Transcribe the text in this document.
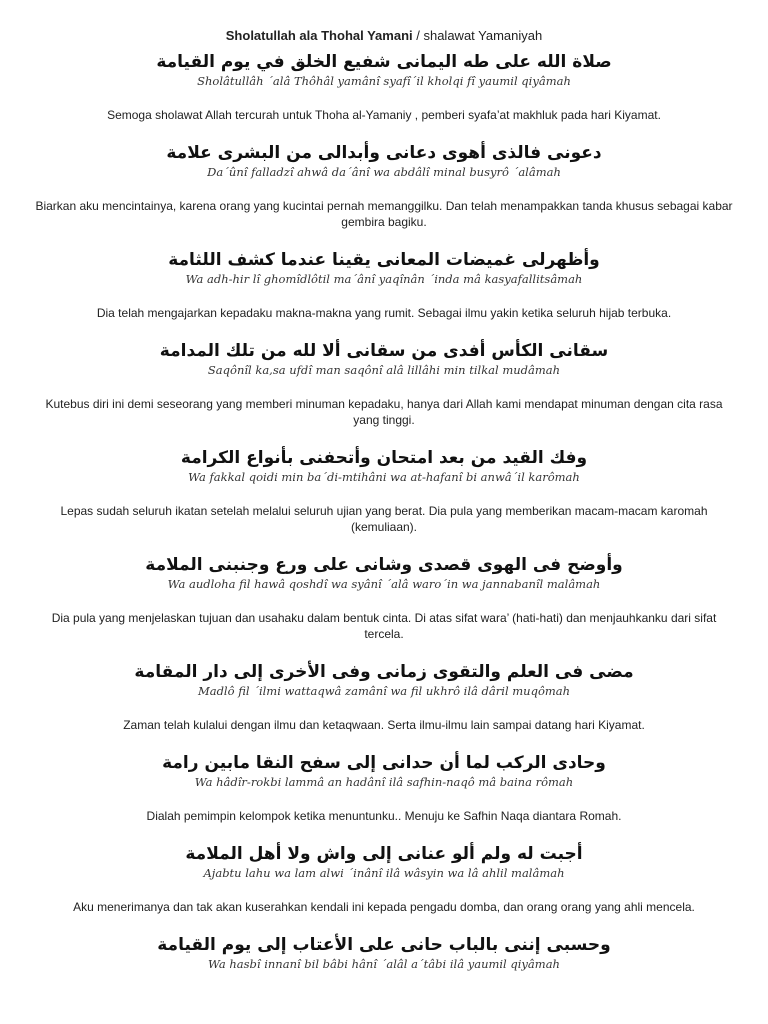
Sholatullah ala Thohal Yamani / shalawat Yamaniyah
صلاة الله على طه اليمانى شفيع الخلق في يوم القيامة
Sholâtullâh ´alâ Thôhâl yamânî syafî´il kholqi fî yaumil qiyâmah
Semoga sholawat Allah tercurah untuk Thoha al-Yamaniy , pemberi syafa’at makhluk pada hari Kiyamat.
دعونى فالذى أهوى دعانى وأبدالى من البشرى علامة
Da´ûnî falladzî ahwâ da´ânî wa abdâlî minal busyrô ´alâmah
Biarkan aku mencintainya, karena orang yang kucintai pernah memanggilku. Dan telah menampakkan tanda khusus sebagai kabar gembira bagiku.
وأظهرلى غميضات المعانى يقينا عندما كشف اللثامة
Wa adh-hir lî ghomîdlôtil ma´ânî yaqînân ´inda mâ kasyafallitsâmah
Dia telah mengajarkan kepadaku makna-makna yang rumit. Sebagai ilmu yakin ketika seluruh hijab terbuka.
سقانى الكأس أفدى من سقانى ألا لله من تلك المدامة
Saqônîl ka,sa ufdî man saqônî alâ lillâhi min tilkal mudâmah
Kutebus diri ini demi seseorang yang memberi minuman kepadaku, hanya dari Allah kami mendapat minuman dengan cita rasa yang tinggi.
وفك القيد من بعد امتحان وأتحفنى بأنواع الكرامة
Wa fakkal qoidi min ba´di-mtihâni wa at-hafanî bi anwâ´il karômah
Lepas sudah seluruh ikatan setelah melalui seluruh ujian yang berat. Dia pula yang memberikan macam-macam karomah (kemuliaan).
وأوضح فى الهوى قصدى وشانى على ورع وجنبنى الملامة
Wa audloha fil hawâ qoshdî wa syânî ´alâ waro´in wa jannabanîl malâmah
Dia pula yang menjelaskan tujuan dan usahaku dalam bentuk cinta. Di atas sifat wara’ (hati-hati) dan menjauhkanku dari sifat tercela.
مضى فى العلم والتقوى زمانى وفى الأخرى إلى دار المقامة
Madlô fil ´ilmi wattaqwâ zamânî wa fil ukhrô ilâ dâril muqômah
Zaman telah kulalui dengan ilmu dan ketaqwaan. Serta ilmu-ilmu lain sampai datang hari Kiyamat.
وحادى الركب لما أن حدانى إلى سفح النقا مابين رامة
Wa hâdîr-rokbi lammâ an hadânî ilâ safhin-naqô mâ baina rômah
Dialah pemimpin kelompok ketika menuntunku.. Menuju ke Safhin Naqa diantara Romah.
أجبت له ولم ألو عنانى إلى واش ولا أهل الملامة
Ajabtu lahu wa lam alwi ´inânî ilâ wâsyin wa lâ ahlil malâmah
Aku menerimanya dan tak akan kuserahkan kendali ini kepada pengadu domba, dan orang orang yang ahli mencela.
وحسبى إننى بالباب حانى على الأعتاب إلى يوم القيامة
Wa hasbî innanî bil bâbi hânî ´alâl a´tâbi ilâ yaumil qiyâmah
